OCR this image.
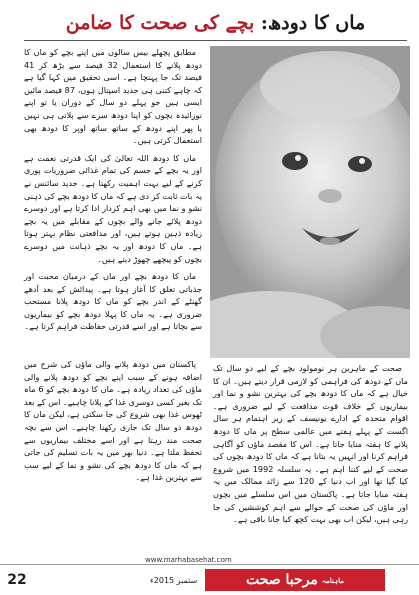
ماں کا دودھ: بچے کی صحت کا ضامن

مطابق پچھلے بیس سالوں میں اپنے بچے کو ماں کا دودھ پلانے کا استعمال 32 فیصد سے بڑھ کر 41 فیصد تک جا پہنچا ہے۔ اسی تحقیق میں کہا گیا ہے کہ چاہے کتنی ہی جدید اسپتال ہوں، 87 فیصد مائیں ایسی ہیں جو پہلے دو سال کے دوران یا تو اپنے نوزائیدہ بچوں کو اپنا دودھ سرے سے پلاتی ہی نہیں یا پھر اپنے دودھ کے ساتھ ساتھ اوپر کا دودھ بھی استعمال کرتی ہیں۔

ماں کا دودھ اللہ تعالیٰ کی ایک قدرتی نعمت ہے اور یہ بچے کے جسم کی تمام غذائی ضروریات پوری کرنے کے لیے بہت اہمیت رکھتا ہے۔ جدید سائنس نے یہ بات ثابت کر دی ہے کہ ماں کا دودھ بچے کی ذہنی نشو و نما میں بھی اہم کردار ادا کرتا ہے اور دوسرے دودھ پلائے جانے والے بچوں کے مقابلے میں یہ بچے زیادہ ذہین ہوتے ہیں، اور مدافعتی نظام بہتر ہوتا ہے۔ ماں کا دودھ اور یہ بچے ذہانت میں دوسرے بچوں کو پیچھے چھوڑ دیتے ہیں۔

ماں کا دودھ بچے اور ماں کے درمیان محبت اور جذباتی تعلق کا آغاز ہوتا ہے۔ پیدائش کے بعد آدھے گھنٹے کے اندر بچے کو ماں کا دودھ پلانا مستحب ضروری ہے۔ یہ ماں کا پہلا دودھ بچے کو بیماریوں سے بچاتا ہے اور اسے قدرتی حفاظت فراہم کرتا ہے۔

پاکستان میں دودھ پلانے والی ماؤں کی شرح میں اضافہ ہونے کے سبب اپنے بچے کو دودھ پلانے والی ماؤں کی تعداد زیادہ ہے۔ ماں کا دودھ بچے کو 6 ماہ تک بغیر کسی دوسری غذا کے پلانا چاہیے۔ اس کے بعد ٹھوس غذا بھی شروع کی جا سکتی ہے، لیکن ماں کا دودھ دو سال تک جاری رکھنا چاہیے۔ اس سے بچہ صحت مند رہتا ہے اور اسے مختلف بیماریوں سے تحفظ ملتا ہے۔ دنیا بھر میں یہ بات تسلیم کی جاتی ہے کہ ماں کا دودھ بچے کی نشو و نما کے لیے سب سے بہترین غذا ہے۔

صحت کے ماہرین ہر نومولود بچے کے لیے دو سال تک ماں کے دودھ کی فراہمی کو لازمی قرار دیتے ہیں۔ ان کا خیال ہے کہ ماں کا دودھ بچے کی بہترین نشو و نما اور بیماریوں کے خلاف قوت مدافعت کے لیے ضروری ہے۔ اقوام متحدہ کے ادارے یونیسف کے زیر اہتمام ہر سال اگست کے پہلے ہفتے میں عالمی سطح پر ماں کا دودھ پلانے کا ہفتہ منایا جاتا ہے۔ اس کا مقصد ماؤں کو آگاہی فراہم کرنا اور انہیں یہ بتانا ہے کہ ماں کا دودھ بچوں کی صحت کے لیے کتنا اہم ہے۔ یہ سلسلہ 1992 میں شروع کیا گیا تھا اور اب دنیا کے 120 سے زائد ممالک میں یہ ہفتہ منایا جاتا ہے۔ پاکستان میں اس سلسلے میں بچوں اور ماؤں کی صحت کے حوالے سے اہم کوششیں کی جا رہی ہیں، لیکن اب بھی بہت کچھ کیا جانا باقی ہے۔

22
www.marhabasehat.com
ستمبر 2015ء	ماہنامہ
مرحبا صحت
